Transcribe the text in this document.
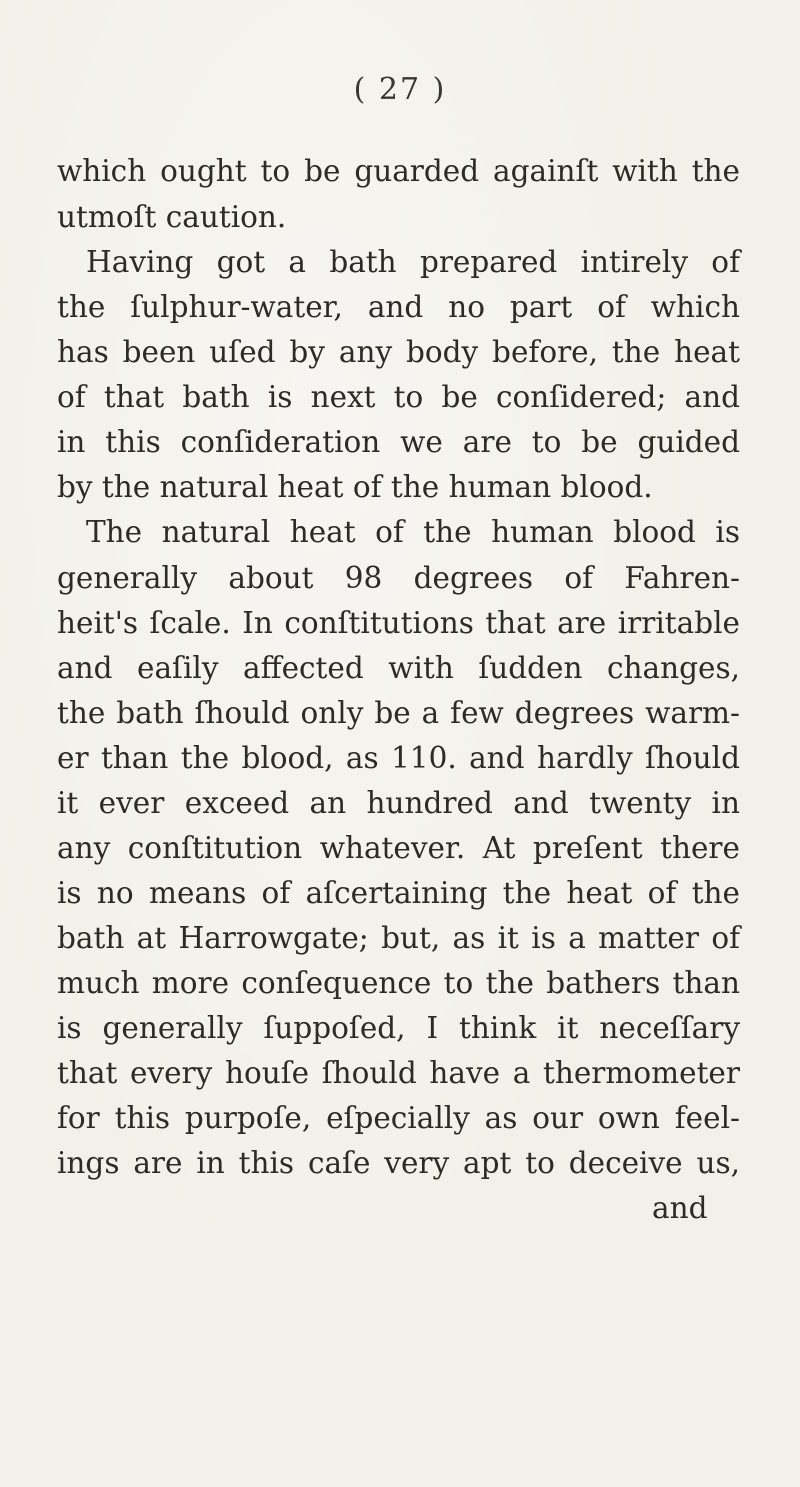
( 27 )
which ought to be guarded againſt with the
utmoſt caution.
Having got a bath prepared intirely of
the ſulphur-water, and no part of which
has been uſed by any body before, the heat
of that bath is next to be conſidered; and
in this conſideration we are to be guided
by the natural heat of the human blood.
The natural heat of the human blood is
generally about 98 degrees of Fahren-
heit's ſcale. In conſtitutions that are irritable
and eaſily affected with ſudden changes,
the bath ſhould only be a few degrees warm-
er than the blood, as 110. and hardly ſhould
it ever exceed an hundred and twenty in
any conſtitution whatever. At preſent there
is no means of aſcertaining the heat of the
bath at Harrowgate; but, as it is a matter of
much more conſequence to the bathers than
is generally ſuppoſed, I think it neceſſary
that every houſe ſhould have a thermometer
for this purpoſe, eſpecially as our own feel-
ings are in this caſe very apt to deceive us,
and
